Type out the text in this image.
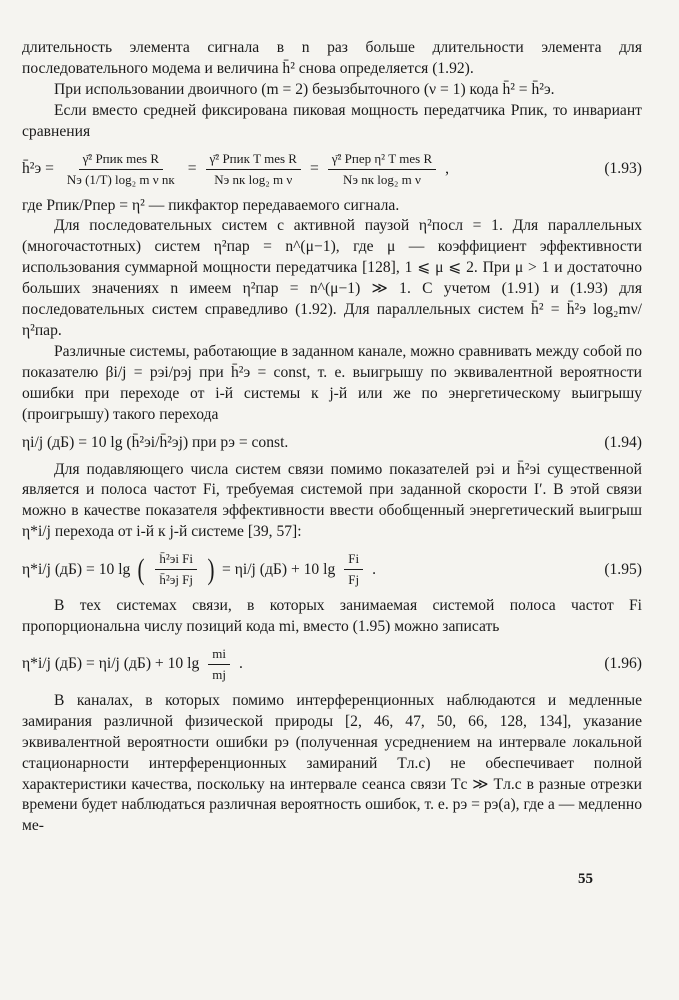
длительность элемента сигнала в n раз больше длительности элемента для последовательного модема и величина h̄² снова определяется (1.92).

При использовании двоичного (m = 2) безызбыточного (ν = 1) кода h̄² = h̄²э.

Если вместо средней фиксирована пиковая мощность передатчика Pпик, то инвариант сравнения

h̄²э = $\frac{\text{γ̄² Pпик mes R}}{\text{Nэ (1/T) log₂ m ν nк}} = \frac{\text{γ̄² Pпик T mes R}}{\text{Nэ nк log₂ m ν}} = \frac{\text{γ̄² Pпер η² T mes R}}{\text{Nэ nк log₂ m ν}}$ ,	(1.93)

где Pпик/Pпер = η² — пикфактор передаваемого сигнала.

Для последовательных систем с активной паузой η²посл = 1. Для параллельных (многочастотных) систем η²пар = n^(μ−1), где μ — коэффициент эффективности использования суммарной мощности передатчика [128], 1 ⩽ μ ⩽ 2. При μ > 1 и достаточно больших значениях n имеем η²пар = n^(μ−1) ≫ 1. С учетом (1.91) и (1.93) для последовательных систем справедливо (1.92). Для параллельных систем h̄² = h̄²э log₂mν/η²пар.

Различные системы, работающие в заданном канале, можно сравнивать между собой по показателю βi/j = pэi/pэj при h̄²э = const, т. е. выигрышу по эквивалентной вероятности ошибки при переходе от i-й системы к j-й или же по энергетическому выигрышу (проигрышу) такого перехода

ηi/j (дБ) = 10 lg (h̄²эi/h̄²эj) при pэ = const.	(1.94)

Для подавляющего числа систем связи помимо показателей pэi и h̄²эi существенной является и полоса частот Fi, требуемая системой при заданной скорости I′. В этой связи можно в качестве показателя эффективности ввести обобщенный энергетический выигрыш η*i/j перехода от i-й к j-й системе [39, 57]:

η*i/j (дБ) = 10 lg ( $\frac{\text{h̄²эi Fi}}{\text{h̄²эj Fj}}$ ) = ηi/j (дБ) + 10 $\lg \frac{Fi}{Fj}$ .	(1.95)

В тех системах связи, в которых занимаемая системой полоса частот Fi пропорциональна числу позиций кода mi, вместо (1.95) можно записать

η*i/j (дБ) = ηi/j (дБ) + 10 $\lg \frac{mi}{mj}$ .	(1.96)

В каналах, в которых помимо интерференционных наблюдаются и медленные замирания различной физической природы [2, 46, 47, 50, 66, 128, 134], указание эквивалентной вероятности ошибки pэ (полученная усреднением на интервале локальной стационарности интерференционных замираний Tл.с) не обеспечивает полной характеристики качества, поскольку на интервале сеанса связи Tс ≫ Tл.с в разные отрезки времени будет наблюдаться различная вероятность ошибок, т. е. pэ = pэ(a), где a — медленно ме-

55
